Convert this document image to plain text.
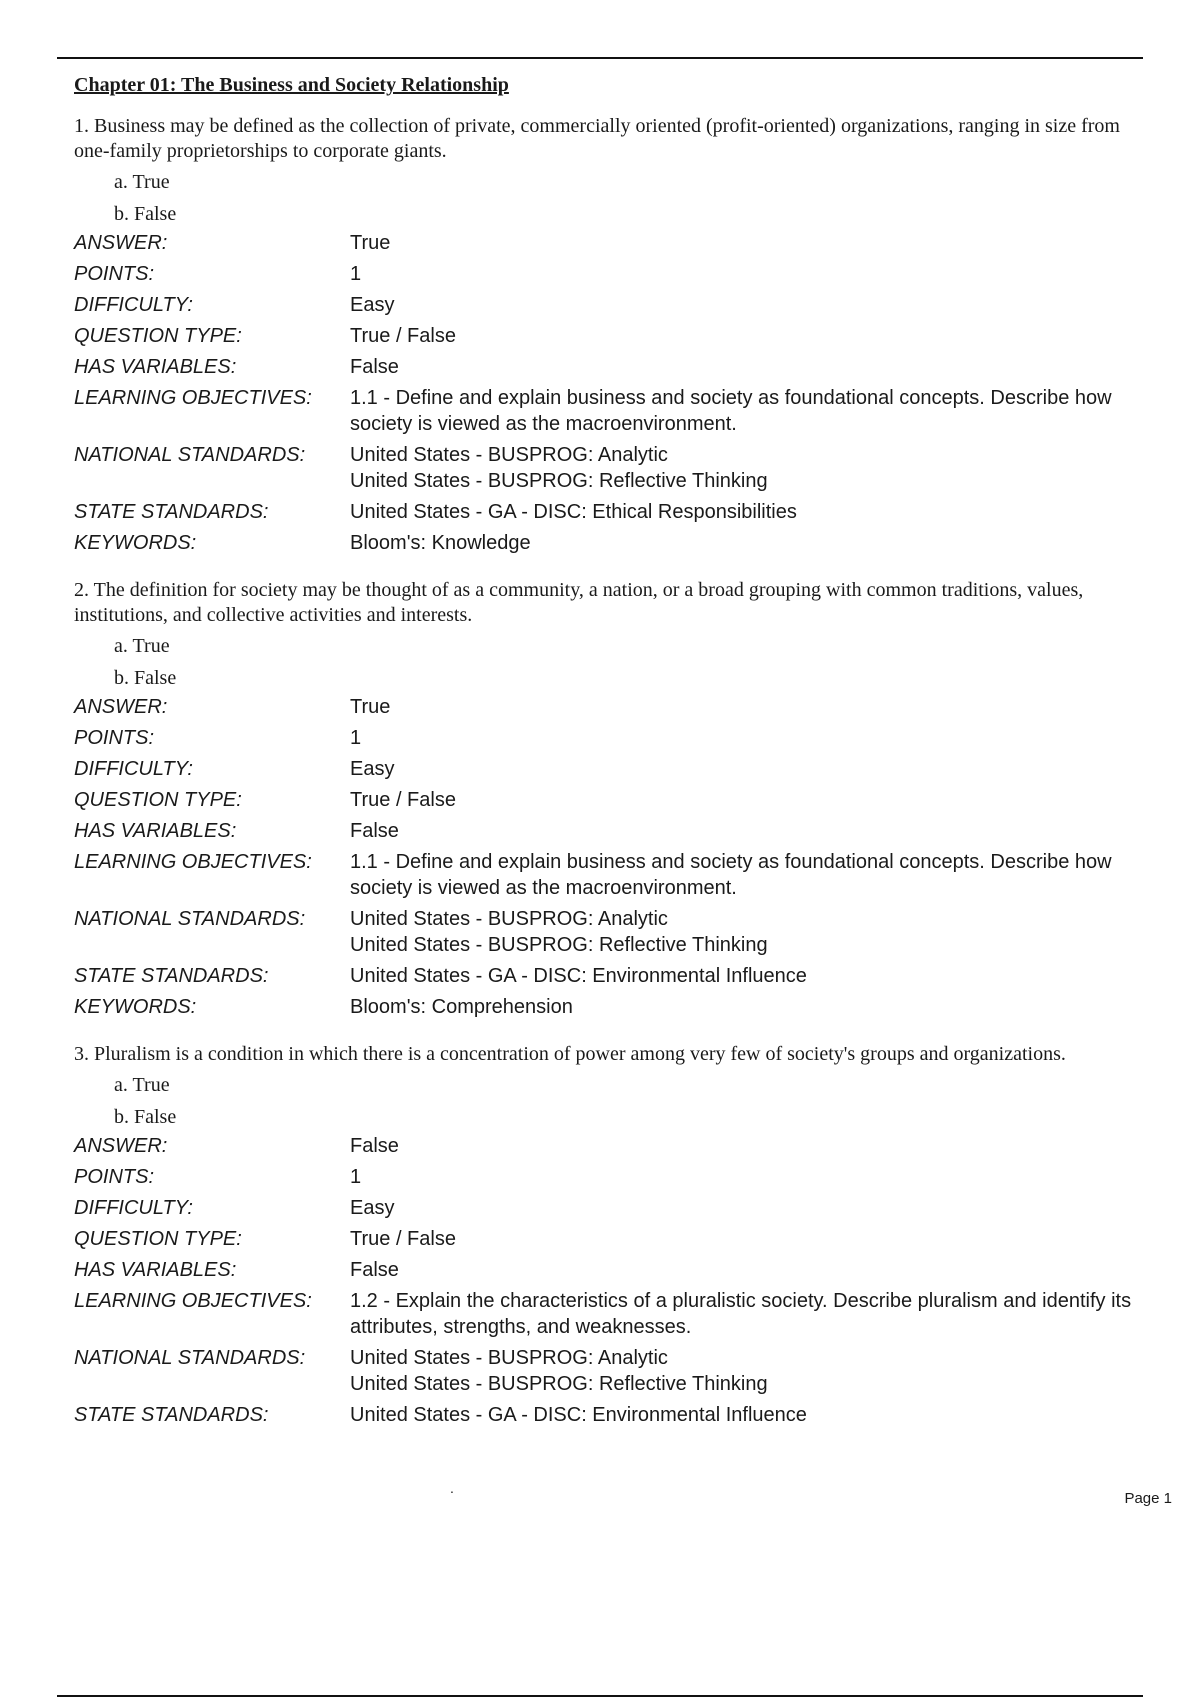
Chapter 01: The Business and Society Relationship

1. Business may be defined as the collection of private, commercially oriented (profit-oriented) organizations, ranging in size from one-family proprietorships to corporate giants.

a. True
b. False
ANSWER:	True
POINTS:	1
DIFFICULTY:	Easy
QUESTION TYPE:	True / False
HAS VARIABLES:	False
LEARNING OBJECTIVES:	1.1 - Define and explain business and society as foundational concepts. Describe how society is viewed as the macroenvironment.
NATIONAL STANDARDS:	United States - BUSPROG: Analytic
United States - BUSPROG: Reflective Thinking
STATE STANDARDS:	United States - GA - DISC: Ethical Responsibilities
KEYWORDS:	Bloom's: Knowledge

2. The definition for society may be thought of as a community, a nation, or a broad grouping with common traditions, values, institutions, and collective activities and interests.

a. True
b. False
ANSWER:	True
POINTS:	1
DIFFICULTY:	Easy
QUESTION TYPE:	True / False
HAS VARIABLES:	False
LEARNING OBJECTIVES:	1.1 - Define and explain business and society as foundational concepts. Describe how society is viewed as the macroenvironment.
NATIONAL STANDARDS:	United States - BUSPROG: Analytic
United States - BUSPROG: Reflective Thinking
STATE STANDARDS:	United States - GA - DISC: Environmental Influence
KEYWORDS:	Bloom's: Comprehension

3. Pluralism is a condition in which there is a concentration of power among very few of society's groups and organizations.

a. True
b. False
ANSWER:	False
POINTS:	1
DIFFICULTY:	Easy
QUESTION TYPE:	True / False
HAS VARIABLES:	False
LEARNING OBJECTIVES:	1.2 - Explain the characteristics of a pluralistic society. Describe pluralism and identify its attributes, strengths, and weaknesses.
NATIONAL STANDARDS:	United States - BUSPROG: Analytic
United States - BUSPROG: Reflective Thinking
STATE STANDARDS:	United States - GA - DISC: Environmental Influence
.
Page 1
